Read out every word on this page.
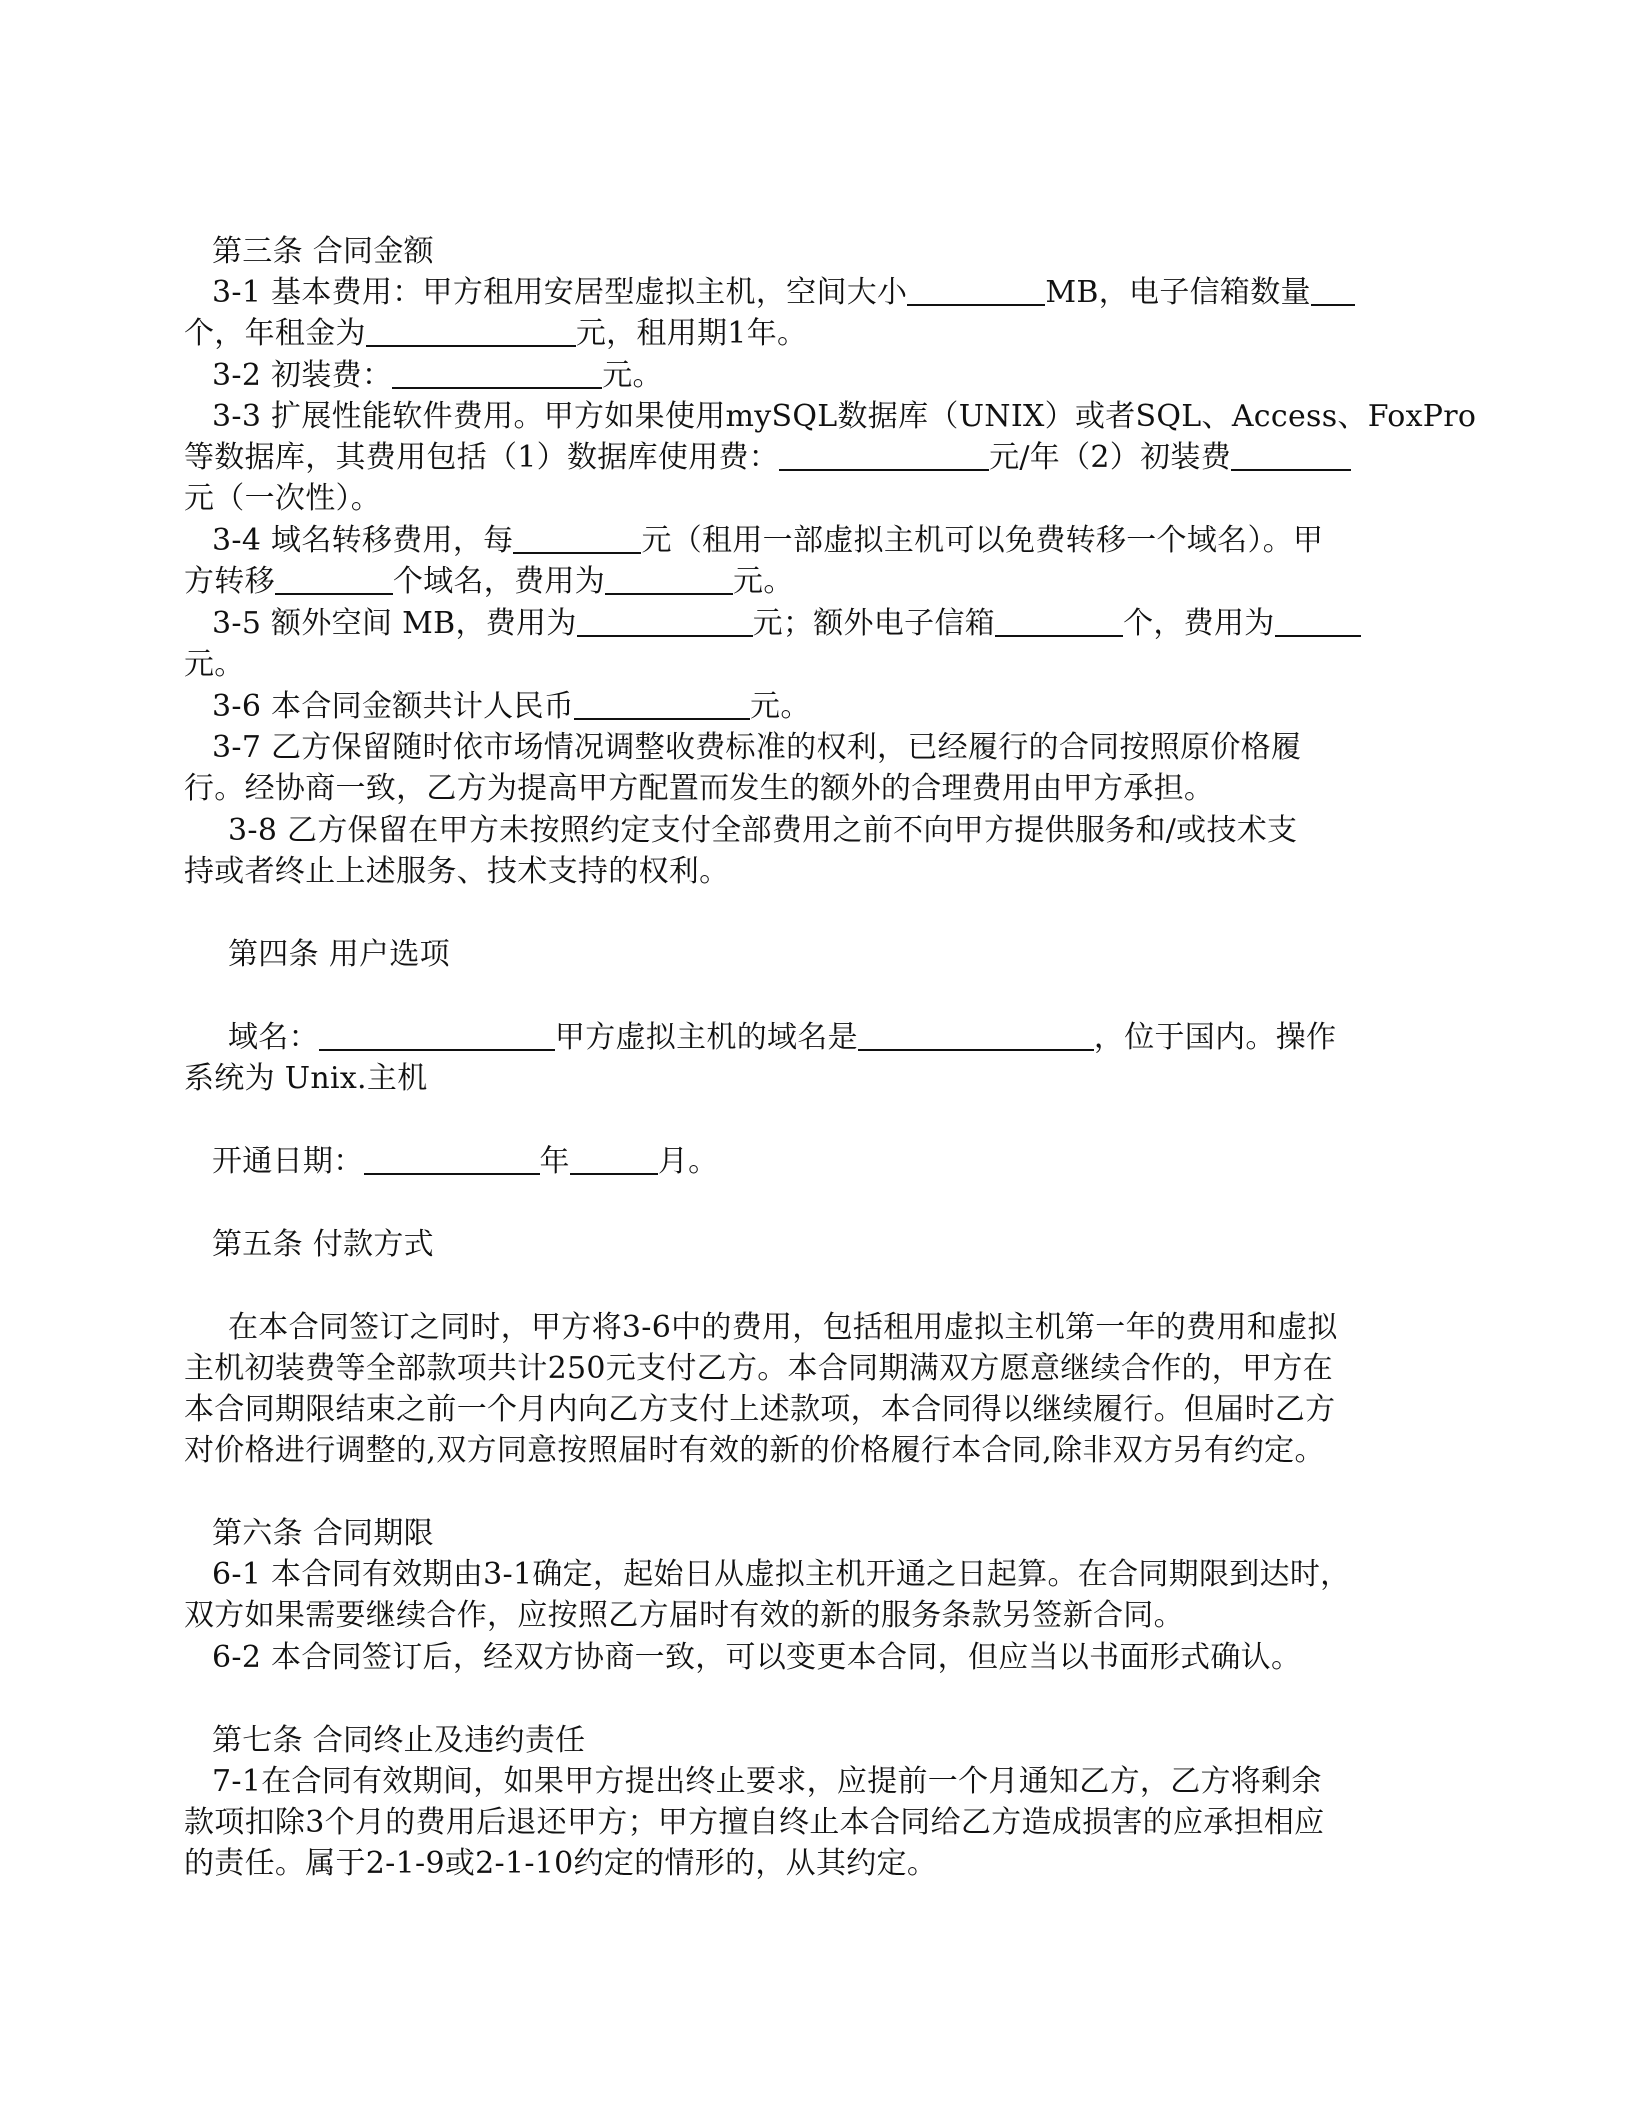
第三条 合同金额
3-1 基本费用：甲方租用安居型虚拟主机，空间大小	MB，电子信箱数量
个，年租金为	元，租用期1年。
3-2 初装费：	元。
3-3 扩展性能软件费用。甲方如果使用mySQL数据库（UNIX）或者SQL、Access、FoxPro
等数据库，其费用包括（1）数据库使用费：	元/年（2）初装费
元（一次性）。
3-4 域名转移费用，每	元（租用一部虚拟主机可以免费转移一个域名）。甲
方转移	个域名，费用为	元。
3-5 额外空间 MB，费用为	元；额外电子信箱	个，费用为
元。
3-6 本合同金额共计人民币	元。
3-7 乙方保留随时依市场情况调整收费标准的权利，已经履行的合同按照原价格履
行。经协商一致，乙方为提高甲方配置而发生的额外的合理费用由甲方承担。
3-8 乙方保留在甲方未按照约定支付全部费用之前不向甲方提供服务和/或技术支
持或者终止上述服务、技术支持的权利。
第四条 用户选项
域名：	甲方虚拟主机的域名是	，位于国内。操作
系统为 Unix.主机
开通日期：	年	月。
第五条 付款方式
在本合同签订之同时，甲方将3-6中的费用，包括租用虚拟主机第一年的费用和虚拟
主机初装费等全部款项共计250元支付乙方。本合同期满双方愿意继续合作的，甲方在
本合同期限结束之前一个月内向乙方支付上述款项，本合同得以继续履行。但届时乙方
对价格进行调整的,双方同意按照届时有效的新的价格履行本合同,除非双方另有约定。
第六条 合同期限
6-1 本合同有效期由3-1确定，起始日从虚拟主机开通之日起算。在合同期限到达时，
双方如果需要继续合作，应按照乙方届时有效的新的服务条款另签新合同。
6-2 本合同签订后，经双方协商一致，可以变更本合同，但应当以书面形式确认。
第七条 合同终止及违约责任
7-1在合同有效期间，如果甲方提出终止要求，应提前一个月通知乙方，乙方将剩余
款项扣除3个月的费用后退还甲方；甲方擅自终止本合同给乙方造成损害的应承担相应
的责任。属于2-1-9或2-1-10约定的情形的，从其约定。
